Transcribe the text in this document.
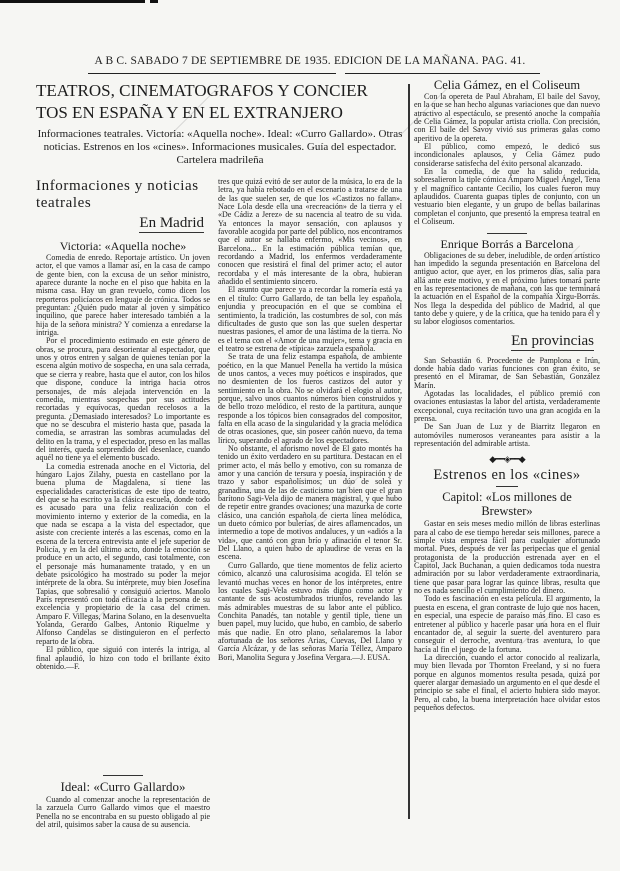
A B C. SABADO 7 DE SEPTIEMBRE DE 1935. EDICION DE LA MAÑANA. PAG. 41.
TEATROS, CINEMATOGRAFOS Y CONCIER
TOS EN ESPAÑA Y EN EL EXTRANJERO
Informaciones teatrales. Victoria: «Aquella noche». Ideal: «Curro Gallardo». Otras noticias. Estrenos en los «cines». Informaciones musicales. Guía del espectador. Cartelera madrileña
Informaciones y noticias teatrales
En Madrid
Victoria: «Aquella noche»

Comedia de enredo. Reportaje artístico. Un joven actor, el que vamos a llamar así, en la casa de campo de gente bien, con la excusa de un señor ministro, aparece durante la noche en el piso que habita en la misma casa. Hay un gran revuelo, como dicen los reporteros policíacos en lenguaje de crónica. Todos se preguntan: ¿Quién pudo matar al joven y simpático inquilino, que parece haber interesado también a la hija de la señora ministra? Y comienza a enredarse la intriga.

Por el procedimiento estimado en este género de obras, se procura, para desorientar al espectador, que unos y otros entren y salgan de quienes tenían por la escena algún motivo de sospecha, en una sala cerrada, que se cierra y reabre, hasta que el autor, con los hilos que dispone, conduce la intriga hacia otros personajes, de más alejada intervención en la comedia, mientras sospechas por sus actitudes recortadas y equívocas, quedan recelosos a la pregunta. ¿Demasiado interesados? Lo importante es que no se descubra el misterio hasta que, pasada la comedia, se arrastran las sombras acumuladas del delito en la trama, y el espectador, preso en las mallas del interés, queda sorprendido del desenlace, cuando aquél no tiene ya el elemento buscado.

La comedia estrenada anoche en el Victoria, del húngaro Lajos Zilahy, puesta en castellano por la buena pluma de Magdalena, sí tiene las especialidades características de este tipo de teatro, del que se ha escrito ya la clásica escuela, donde todo es acusado para una feliz realización con el movimiento interno y exterior de la comedia, en la que nada se escapa a la vista del espectador, que asiste con creciente interés a las escenas, como en la escena de la tercera entrevista ante el jefe superior de Policía, y en la del último acto, donde la emoción se produce en un acto, el segundo, casi totalmente, con el personaje más humanamente tratado, y en un debate psicológico ha mostrado su poder la mejor intérprete de la obra. Su intérprete, muy bien Josefina Tapias, que sobresalió y consiguió aciertos. Manolo París representó con toda eficacia a la persona de su excelencia y propietario de la casa del crimen. Amparo F. Villegas, Marina Solano, en la desenvuelta Yolanda, Gerardo Galbes, Antonio Riquelme y Alfonso Candelas se distinguieron en el perfecto reparto de la obra.

El público, que siguió con interés la intriga, al final aplaudió, lo hizo con todo el brillante éxito obtenido.—F.

Ideal: «Curro Gallardo»

Cuando al comenzar anoche la representación de la zarzuela Curro Gallardo vimos que el maestro Penella no se encontraba en su puesto obligado al pie del atril, quisimos saber la causa de su ausencia.

tres que quizá evitó de ser autor de la música, lo era de la letra, ya había rebotado en el escenario a tratarse de una de las que suelen ser, de que los «Castizos no fallan». Nace Lola desde ella una «recreación» de la tierra y el «De Cádiz a Jerez» de su nacencia al teatro de su vida. Ya entonces la mayor sensación, con aplausos y favorable acogida por parte del público, nos encontramos que el autor se hallaba enfermo, «Mis vecinos», en Barcelona... En la estimación pública temían que, recordando a Madrid, los enfermos verdaderamente conocen que resistirá el final del primer acto; el autor recordaba y el más interesante de la obra, hubieran añadido el sentimiento sincero.

El asunto que parece ya a recordar la romería está ya en el título: Curro Gallardo, de tan bella ley española, enjundia y preocupación en el que se combina el sentimiento, la tradición, las costumbres de sol, con más dificultades de gusto que son las que suelen despertar nuestras pasiones, el amor de una lástima de la tierra. No es el tema con el «Amor de una mujer», tema y gracia en el teatro se estrena de «típica» zarzuela española.

Se trata de una feliz estampa española, de ambiente poético, en la que Manuel Penella ha vertido la música de unos cantos, a veces muy poéticos e inspirados, que no desmienten de los fueros castizos del autor y sentimiento en la obra. No se olvidará el elogio al autor, porque, salvo unos cuantos números bien construidos y de bello trozo melódico, el resto de la partitura, aunque responde a los tópicos bien consagrados del compositor, falta en ella acaso de la singularidad y la gracia melódica de otras ocasiones, que, sin poseer cañón nuevo, da tema lírico, superando el agrado de los espectadores.

No obstante, el aforismo novel de El gato montés ha tenido un éxito verdadero en su partitura. Destacan en el primer acto, el más bello y emotivo, con su romanza de amor y una canción de tersura y poesía, inspiración y de trazo y sabor españolísimos; un dúo de soleá y granadina, una de las de casticismo tan bien que el gran barítono Sagi-Vela dijo de manera magistral, y que hubo de repetir entre grandes ovaciones; una mazurka de corte clásico, una canción española de cierta línea melódica, un dueto cómico por bulerías, de aires aflamencados, un intermedio a tope de motivos andaluces, y un «adiós a la vida», que cantó con gran brío y afinación el tenor Sr. Del Llano, a quien hubo de aplaudirse de veras en la escena.

Curro Gallardo, que tiene momentos de feliz acierto cómico, alcanzó una calurosísima acogida. El telón se levantó muchas veces en honor de los intérpretes, entre los cuales Sagi-Vela estuvo más digno como actor y cantante de sus acostumbrados triunfos, revelando las más admirables muestras de su labor ante el público. Conchita Panadés, tan notable y gentil tiple, tiene un buen papel, muy lucido, que hubo, en cambio, de saberlo más que nadie. En otro plano, señalaremos la labor afortunada de los señores Arias, Cuevas, Del Llano y García Alcázar, y de las señoras María Téllez, Amparo Bori, Manolita Segura y Josefina Vergara.—J. EUSA.

Celia Gámez, en el Coliseum

Con la opereta de Paul Abraham, El baile del Savoy, en la que se han hecho algunas variaciones que dan nuevo atractivo al espectáculo, se presentó anoche la compañía de Celia Gámez, la popular artista criolla. Con precisión, con El baile del Savoy vivió sus primeras galas como aperitivo de la opereta.

El público, como empezó, le dedicó sus incondicionales aplausos, y Celia Gámez pudo considerarse satisfecha del éxito personal alcanzado.

En la comedia, de que ha salido reducida, sobresalieron la tiple cómica Amparo Miguel Ángel, Tena y el magnífico cantante Cecilio, los cuales fueron muy aplaudidos. Cuarenta guapas tiples de conjunto, con un vestuario bien elegante, y un grupo de bellas bailarinas completan el conjunto, que presentó la empresa teatral en el Coliseum.

Enrique Borrás a Barcelona

Obligaciones de su deber, ineludible, de orden artístico han impedido la segunda presentación en Barcelona del antiguo actor, que ayer, en los primeros días, salía para allá ante este motivo, y en el próximo lunes tomará parte en las representaciones de mañana, con las que terminará la actuación en el Español de la compañía Xirgu-Borrás. Nos llega la despedida del público de Madrid, al que tanto debe y quiere, y de la crítica, que ha tenido para él y su labor elogiosos comentarios.

En provincias

San Sebastián 6. Procedente de Pamplona e Irún, donde había dado varias funciones con gran éxito, se presentó en el Miramar, de San Sebastián, González Marín.

Agotadas las localidades, el público premió con ovaciones entusiastas la labor del artista, verdaderamente excepcional, cuya recitación tuvo una gran acogida en la prensa.

De San Juan de Luz y de Biarritz llegaron en automóviles numerosos veraneantes para asistir a la representación del admirable artista.

◆━━◈━━◆
Estrenos en los «cines»
Capitol: «Los millones de Brewster»

Gastar en seis meses medio millón de libras esterlinas para al cabo de ese tiempo heredar seis millones, parece a simple vista empresa fácil para cualquier afortunado mortal. Pues, después de ver las peripecias que el genial protagonista de la producción estrenada ayer en el Capitol, Jack Buchanan, a quien dedicamos toda nuestra admiración por su labor verdaderamente extraordinaria, tiene que pasar para lograr las quince libras, resulta que no es nada sencillo el cumplimiento del dinero.

Todo es fascinación en esta película. El argumento, la puesta en escena, el gran contraste de lujo que nos hacen, en especial, una especie de paraíso más fino. El caso es entretener al público y hacerle pasar una hora en el fluir encantador de, al seguir la suerte del aventurero para conseguir el derroche, aventura tras aventura, lo que hacía al fin el juego de la fortuna.

La dirección, cuando el actor conocido al realizarla, muy bien llevada por Thornton Freeland, y si no fuera porque en algunos momentos resulta pesada, quizá por querer alargar demasiado un argumento en el que desde el principio se sabe el final, el acierto hubiera sido mayor. Pero, al cabo, la buena interpretación hace olvidar estos pequeños defectos.
